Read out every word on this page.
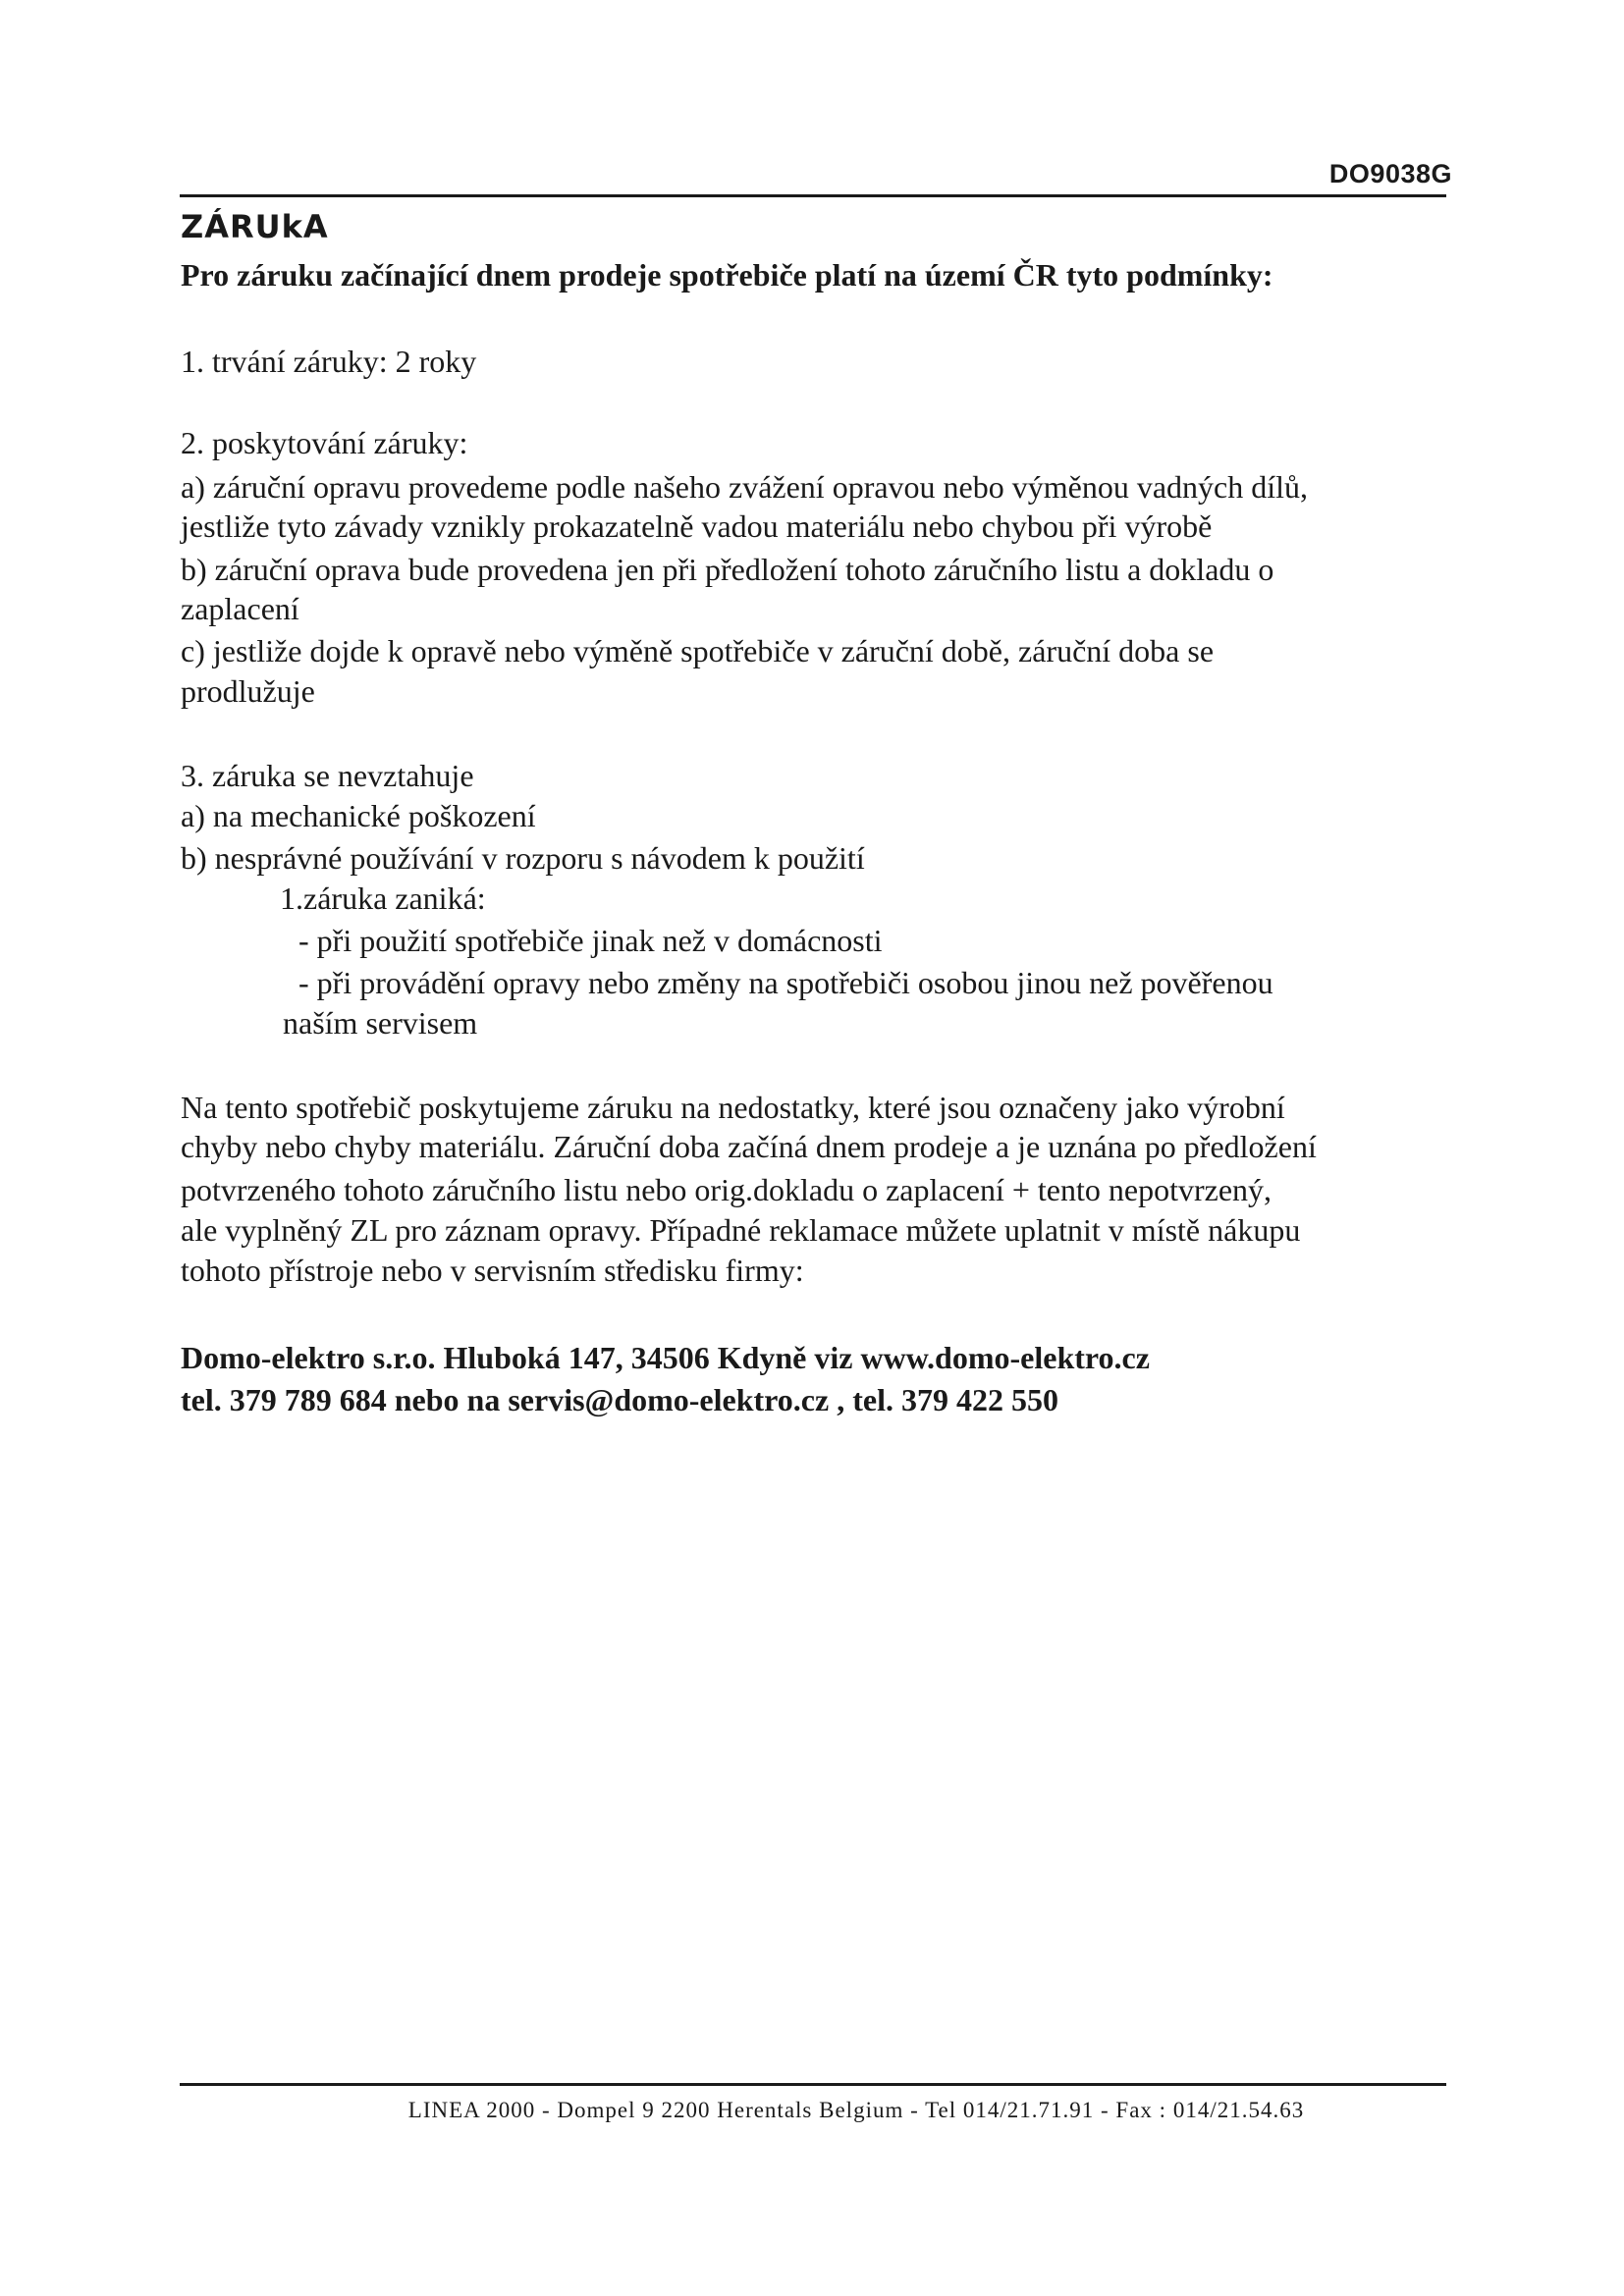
DO9038G
ZÁRUkA
Pro záruku začínající dnem prodeje spotřebiče platí na území ČR tyto podmínky:
1. trvání záruky: 2 roky
2. poskytování záruky:
a) záruční opravu provedeme podle našeho zvážení opravou nebo výměnou vadných dílů,
jestliže tyto závady vznikly prokazatelně vadou materiálu nebo chybou při výrobě
b) záruční oprava bude provedena jen při předložení tohoto záručního listu a dokladu o
zaplacení
c) jestliže dojde k opravě nebo výměně spotřebiče v záruční době, záruční doba se
prodlužuje
3. záruka se nevztahuje
a) na mechanické poškození
b) nesprávné používání v rozporu s návodem k použití
1.záruka zaniká:
- při použití spotřebiče jinak než v domácnosti
- při provádění opravy nebo změny na spotřebiči osobou jinou než pověřenou
naším servisem
Na tento spotřebič poskytujeme záruku na nedostatky, které jsou označeny jako výrobní
chyby nebo chyby materiálu. Záruční doba začíná dnem prodeje a je uznána po předložení
potvrzeného tohoto záručního listu nebo orig.dokladu o zaplacení + tento nepotvrzený,
ale vyplněný ZL pro záznam opravy. Případné reklamace můžete uplatnit v místě nákupu
tohoto přístroje nebo v servisním středisku firmy:
Domo-elektro s.r.o. Hluboká 147, 34506 Kdyně viz www.domo-elektro.cz
tel. 379 789 684 nebo na servis@domo-elektro.cz , tel. 379 422 550
LINEA 2000 - Dompel 9 2200 Herentals Belgium - Tel 014/21.71.91 - Fax : 014/21.54.63
